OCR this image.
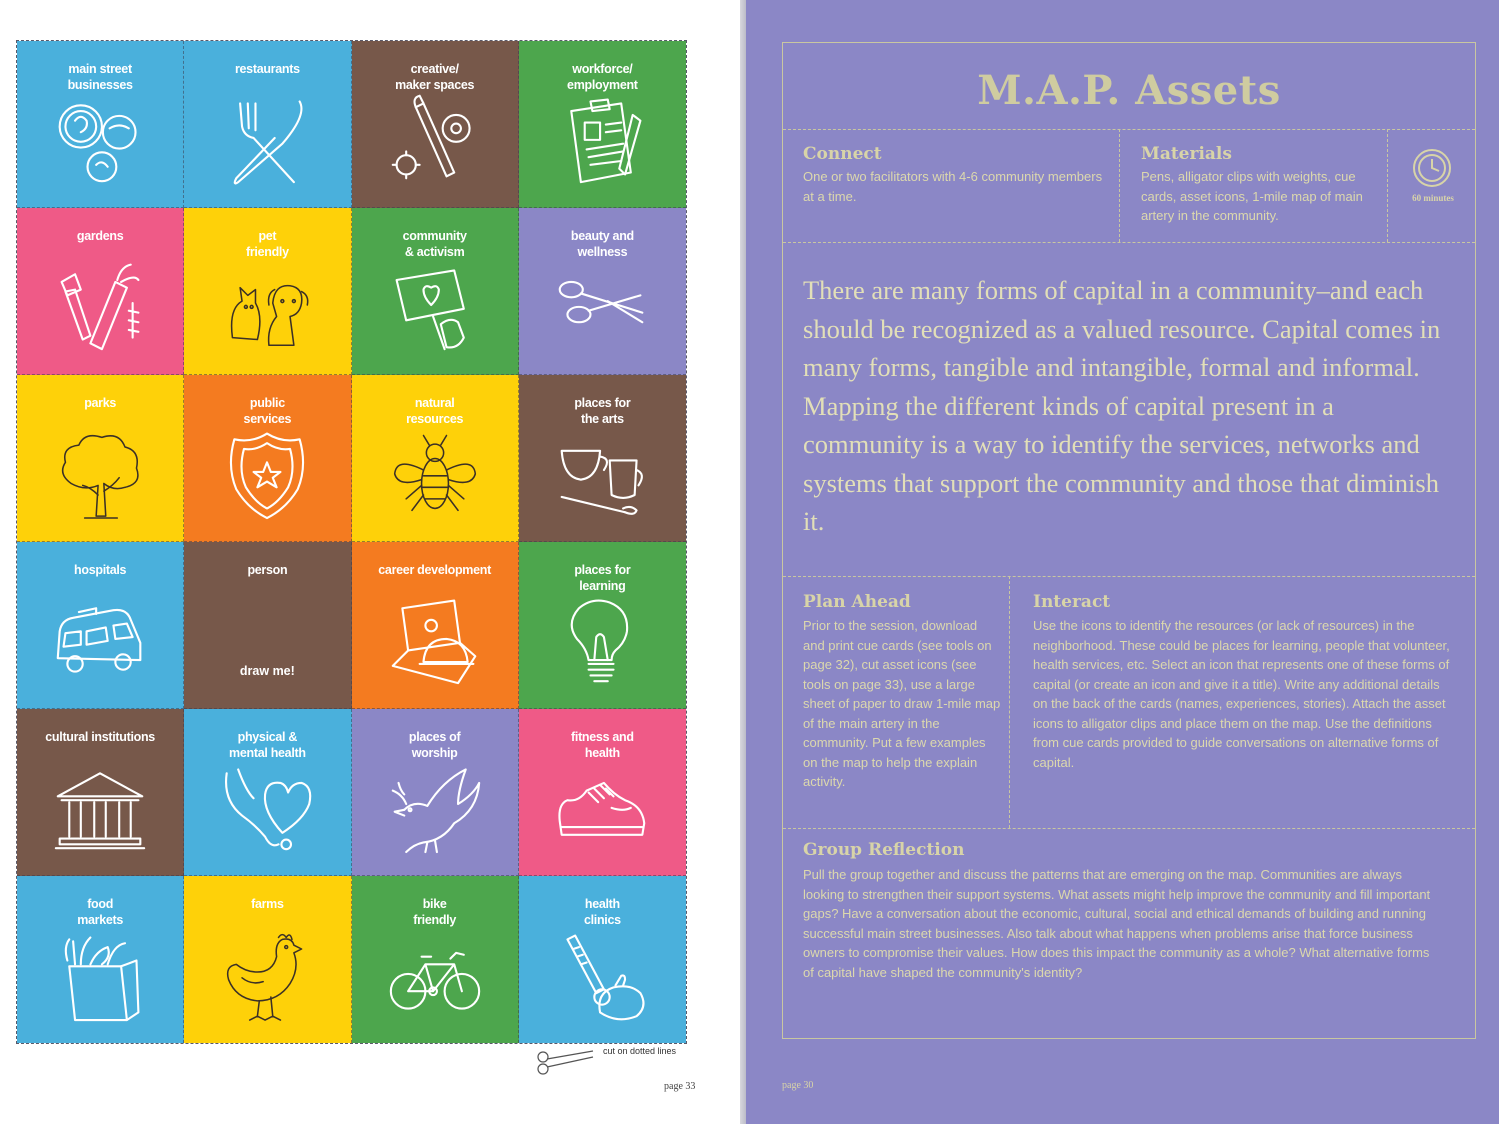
main street
businesses
restaurants	creative/
maker spaces
workforce/
employment
gardens	pet
friendly
community
& activism
beauty and
wellness
parks	public
services
natural
resources
places for
the arts
hospitals	person
draw me!
career development	places for
learning
cultural institutions	physical &
mental health
places of
worship
fitness and
health
food
markets
farms	bike
friendly
health
clinics
cut on dotted lines
page 33
M.A.P. Assets
Connect
One or two facilitators with 4-6 community members at a time.
Materials
Pens, alligator clips with weights, cue cards, asset icons, 1-mile map of main artery in the community.
60 minutes
There are many forms of capital in a community–and each should be recognized as a valued resource. Capital comes in many forms, tangible and intangible, formal and informal. Mapping the different kinds of capital present in a community is a way to identify the services, networks and systems that support the community and those that diminish it.
Plan Ahead
Prior to the session, download and print cue cards (see tools on page 32), cut asset icons (see tools on page 33), use a large sheet of paper to draw 1-mile map of the main artery in the community. Put a few examples on the map to help the explain activity.
Interact
Use the icons to identify the resources (or lack of resources) in the neighborhood. These could be places for learning, people that volunteer, health services, etc. Select an icon that represents one of these forms of capital (or create an icon and give it a title). Write any additional details on the back of the cards (names, experiences, stories). Attach the asset icons to alligator clips and place them on the map. Use the definitions from cue cards provided to guide conversations on alternative forms of capital.
Group Reflection
Pull the group together and discuss the patterns that are emerging on the map. Communities are always looking to strengthen their support systems. What assets might help improve the community and fill important gaps? Have a conversation about the economic, cultural, social and ethical demands of building and running successful main street businesses. Also talk about what happens when problems arise that force business owners to compromise their values. How does this impact the community as a whole? What alternative forms of capital have shaped the community's identity?
page 30
